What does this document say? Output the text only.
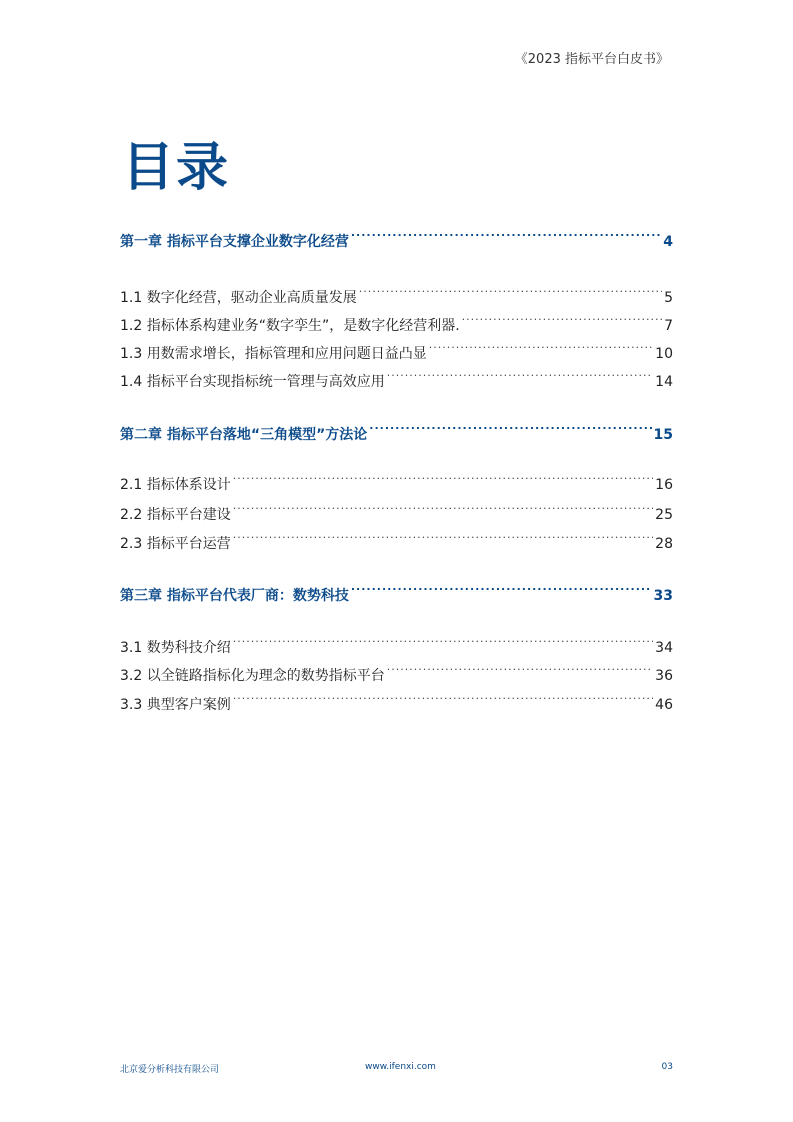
《2023 指标平台白皮书》
目录
第一章 指标平台支撑企业数字化经营 .....	4
1.1 数字化经营，驱动企业高质量发展 .....	5
1.2 指标体系构建业务“数字孪生”，是数字化经营利器. .....	7
1.3 用数需求增长，指标管理和应用问题日益凸显 .....	10
1.4 指标平台实现指标统一管理与高效应用 .....	14
第二章 指标平台落地“三角模型”方法论 .....	15
2.1 指标体系设计 .....	16
2.2 指标平台建设 .....	25
2.3 指标平台运营 .....	28
第三章 指标平台代表厂商：数势科技 .....	33
3.1 数势科技介绍 .....	34
3.2 以全链路指标化为理念的数势指标平台 .....	36
3.3 典型客户案例 .....	46
北京爱分析科技有限公司	www.ifenxi.com	03
